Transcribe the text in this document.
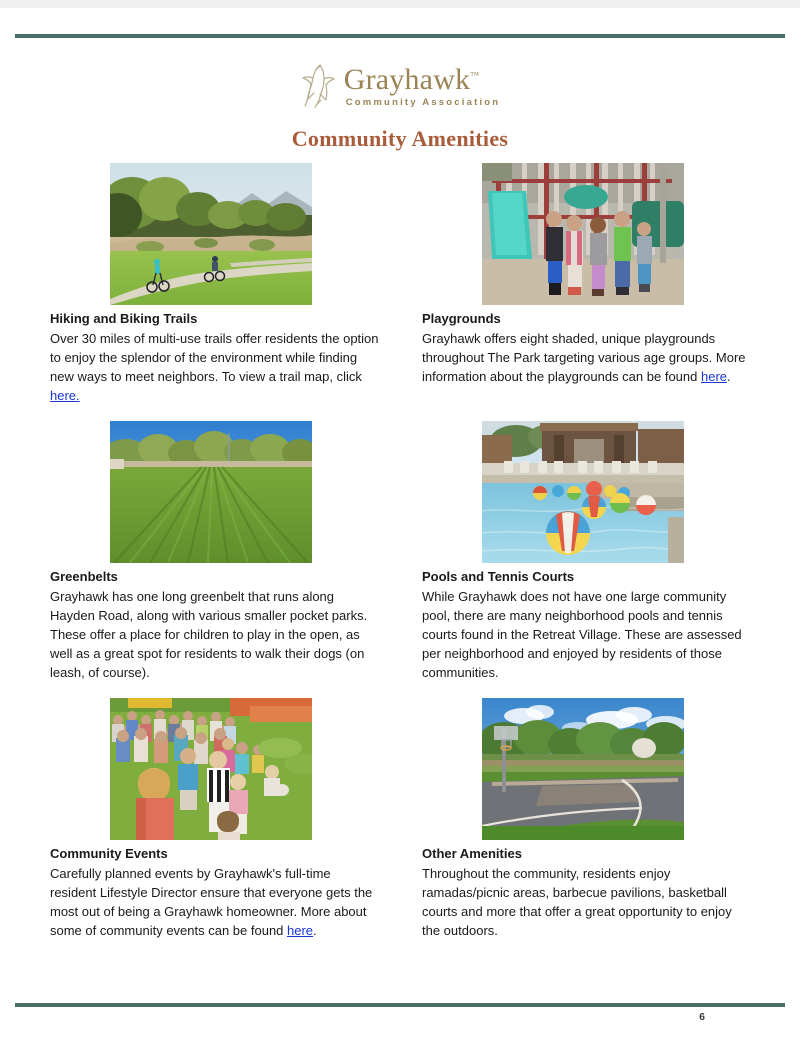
Grayhawk™
Community Association
Community Amenities
Hiking and Biking Trails
Over 30 miles of multi-use trails offer residents the option to enjoy the splendor of the environment while finding new ways to meet neighbors. To view a trail map, click here.
Playgrounds
Grayhawk offers eight shaded, unique playgrounds throughout The Park targeting various age groups. More information about the playgrounds can be found here.
Greenbelts
Grayhawk has one long greenbelt that runs along Hayden Road, along with various smaller pocket parks. These offer a place for children to play in the open, as well as a great spot for residents to walk their dogs (on leash, of course).
Pools and Tennis Courts
While Grayhawk does not have one large community pool, there are many neighborhood pools and tennis courts found in the Retreat Village. These are assessed per neighborhood and enjoyed by residents of those communities.
Community Events
Carefully planned events by Grayhawk's full-time resident Lifestyle Director ensure that everyone gets the most out of being a Grayhawk homeowner. More about some of community events can be found here.
Other Amenities
Throughout the community, residents enjoy ramadas/picnic areas, barbecue pavilions, basketball courts and more that offer a great opportunity to enjoy the outdoors.
6
